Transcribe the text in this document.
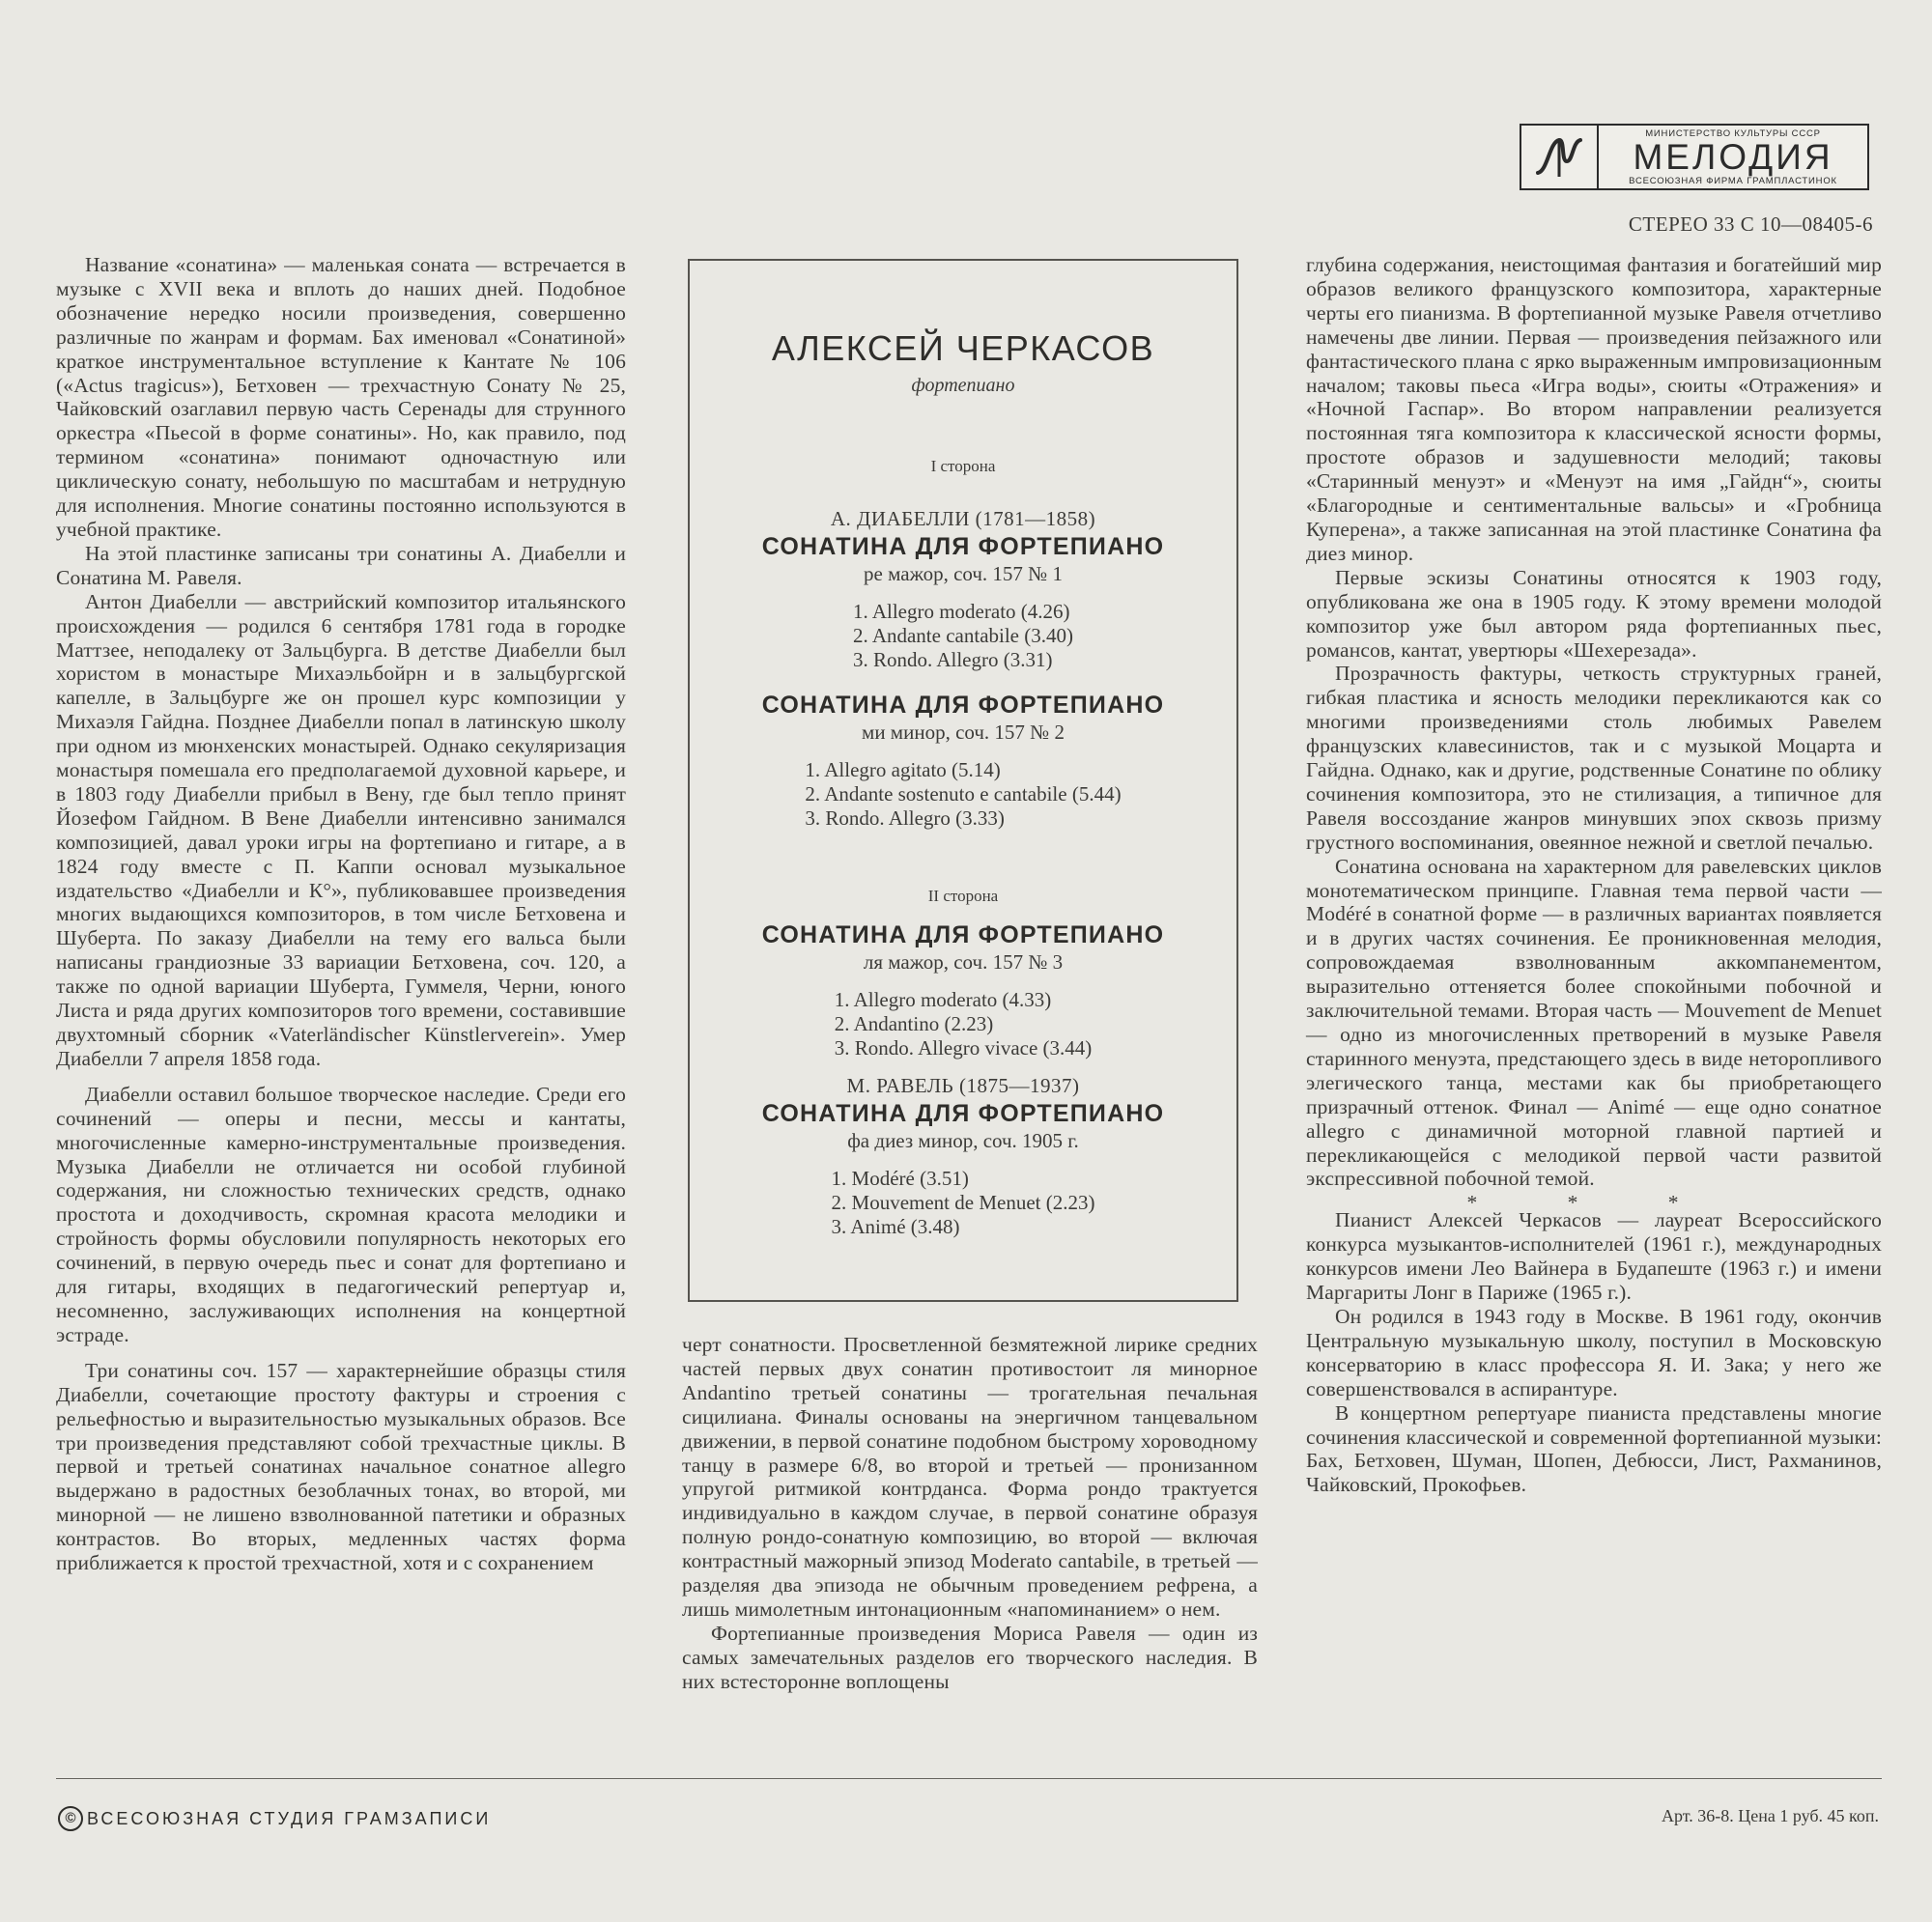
МИНИСТЕРСТВО КУЛЬТУРЫ СССР
МЕЛОДИЯ
ВСЕСОЮЗНАЯ ФИРМА ГРАМПЛАСТИНОК
СТЕРЕО 33 С 10—08405-6

Название «сонатина» — маленькая соната — встречается в музыке с XVII века и вплоть до наших дней. Подобное обозначение нередко носили произведения, совершенно различные по жанрам и формам. Бах именовал «Сонатиной» краткое инструментальное вступление к Кантате № 106 («Actus tragicus»), Бетховен — трехчастную Сонату № 25, Чайковский озаглавил первую часть Серенады для струнного оркестра «Пьесой в форме сонатины». Но, как правило, под термином «сонатина» понимают одночастную или циклическую сонату, небольшую по масштабам и нетрудную для исполнения. Многие сонатины постоянно используются в учебной практике.

На этой пластинке записаны три сонатины А. Диабелли и Сонатина М. Равеля.

Антон Диабелли — австрийский композитор итальянского происхождения — родился 6 сентября 1781 года в городке Маттзее, неподалеку от Зальцбурга. В детстве Диабелли был хористом в монастыре Михаэльбойрн и в зальцбургской капелле, в Зальцбурге же он прошел курс композиции у Михаэля Гайдна. Позднее Диабелли попал в латинскую школу при одном из мюнхенских монастырей. Однако секуляризация монастыря помешала его предполагаемой духовной карьере, и в 1803 году Диабелли прибыл в Вену, где был тепло принят Йозефом Гайдном. В Вене Диабелли интенсивно занимался композицией, давал уроки игры на фортепиано и гитаре, а в 1824 году вместе с П. Каппи основал музыкальное издательство «Диабелли и К°», публиковавшее произведения многих выдающихся композиторов, в том числе Бетховена и Шуберта. По заказу Диабелли на тему его вальса были написаны грандиозные 33 вариации Бетховена, соч. 120, а также по одной вариации Шуберта, Гуммеля, Черни, юного Листа и ряда других композиторов того времени, составившие двухтомный сборник «Vaterländischer Künstlerverein». Умер Диабелли 7 апреля 1858 года.

Диабелли оставил большое творческое наследие. Среди его сочинений — оперы и песни, мессы и кантаты, многочисленные камерно-инструментальные произведения. Музыка Диабелли не отличается ни особой глубиной содержания, ни сложностью технических средств, однако простота и доходчивость, скромная красота мелодики и стройность формы обусловили популярность некоторых его сочинений, в первую очередь пьес и сонат для фортепиано и для гитары, входящих в педагогический репертуар и, несомненно, заслуживающих исполнения на концертной эстраде.

Три сонатины соч. 157 — характернейшие образцы стиля Диабелли, сочетающие простоту фактуры и строения с рельефностью и выразительностью музыкальных образов. Все три произведения представляют собой трехчастные циклы. В первой и третьей сонатинах начальное сонатное allegro выдержано в радостных безоблачных тонах, во второй, ми минорной — не лишено взволнованной патетики и образных контрастов. Во вторых, медленных частях форма приближается к простой трехчастной, хотя и с сохранением

АЛЕКСЕЙ ЧЕРКАСОВ
фортепиано
I сторона
А. ДИАБЕЛЛИ (1781—1858)
СОНАТИНА ДЛЯ ФОРТЕПИАНО
ре мажор, соч. 157 № 1
1. Allegro moderato (4.26)
2. Andante cantabile (3.40)
3. Rondo. Allegro (3.31)
СОНАТИНА ДЛЯ ФОРТЕПИАНО
ми минор, соч. 157 № 2
1. Allegro agitato (5.14)
2. Andante sostenuto e cantabile (5.44)
3. Rondo. Allegro (3.33)
II сторона
СОНАТИНА ДЛЯ ФОРТЕПИАНО
ля мажор, соч. 157 № 3
1. Allegro moderato (4.33)
2. Andantino (2.23)
3. Rondo. Allegro vivace (3.44)
М. РАВЕЛЬ (1875—1937)
СОНАТИНА ДЛЯ ФОРТЕПИАНО
фа диез минор, соч. 1905 г.
1. Modéré (3.51)
2. Mouvement de Menuet (2.23)
3. Animé (3.48)

черт сонатности. Просветленной безмятежной лирике средних частей первых двух сонатин противостоит ля минорное Andantino третьей сонатины — трогательная печальная сицилиана. Финалы основаны на энергичном танцевальном движении, в первой сонатине подобном быстрому хороводному танцу в размере 6/8, во второй и третьей — пронизанном упругой ритмикой контрданса. Форма рондо трактуется индивидуально в каждом случае, в первой сонатине образуя полную рондо-сонатную композицию, во второй — включая контрастный мажорный эпизод Moderato cantabile, в третьей — разделяя два эпизода не обычным проведением рефрена, а лишь мимолетным интонационным «напоминанием» о нем.

Фортепианные произведения Мориса Равеля — один из самых замечательных разделов его творческого наследия. В них встесторонне воплощены

глубина содержания, неистощимая фантазия и богатейший мир образов великого французского композитора, характерные черты его пианизма. В фортепианной музыке Равеля отчетливо намечены две линии. Первая — произведения пейзажного или фантастического плана с ярко выраженным импровизационным началом; таковы пьеса «Игра воды», сюиты «Отражения» и «Ночной Гаспар». Во втором направлении реализуется постоянная тяга композитора к классической ясности формы, простоте образов и задушевности мелодий; таковы «Старинный менуэт» и «Менуэт на имя „Гайдн“», сюиты «Благородные и сентиментальные вальсы» и «Гробница Куперена», а также записанная на этой пластинке Сонатина фа диез минор.

Первые эскизы Сонатины относятся к 1903 году, опубликована же она в 1905 году. К этому времени молодой композитор уже был автором ряда фортепианных пьес, романсов, кантат, увертюры «Шехерезада».

Прозрачность фактуры, четкость структурных граней, гибкая пластика и ясность мелодики перекликаются как со многими произведениями столь любимых Равелем французских клавесинистов, так и с музыкой Моцарта и Гайдна. Однако, как и другие, родственные Сонатине по облику сочинения композитора, это не стилизация, а типичное для Равеля воссоздание жанров минувших эпох сквозь призму грустного воспоминания, овеянное нежной и светлой печалью.

Сонатина основана на характерном для равелевских циклов монотематическом принципе. Главная тема первой части — Modéré в сонатной форме — в различных вариантах появляется и в других частях сочинения. Ее проникновенная мелодия, сопровождаемая взволнованным аккомпанементом, выразительно оттеняется более спокойными побочной и заключительной темами. Вторая часть — Mouvement de Menuet — одно из многочисленных претворений в музыке Равеля старинного менуэта, предстающего здесь в виде неторопливого элегического танца, местами как бы приобретающего призрачный оттенок. Финал — Animé — еще одно сонатное allegro с динамичной моторной главной партией и перекликающейся с мелодикой первой части развитой экспрессивной побочной темой.

* * *

Пианист Алексей Черкасов — лауреат Всероссийского конкурса музыкантов-исполнителей (1961 г.), международных конкурсов имени Лео Вайнера в Будапеште (1963 г.) и имени Маргариты Лонг в Париже (1965 г.).

Он родился в 1943 году в Москве. В 1961 году, окончив Центральную музыкальную школу, поступил в Московскую консерваторию в класс профессора Я. И. Зака; у него же совершенствовался в аспирантуре.

В концертном репертуаре пианиста представлены многие сочинения классической и современной фортепианной музыки: Бах, Бетховен, Шуман, Шопен, Дебюсси, Лист, Рахманинов, Чайковский, Прокофьев.

© ВСЕСОЮЗНАЯ СТУДИЯ ГРАМЗАПИСИ	Арт. 36-8. Цена 1 руб. 45 коп.
